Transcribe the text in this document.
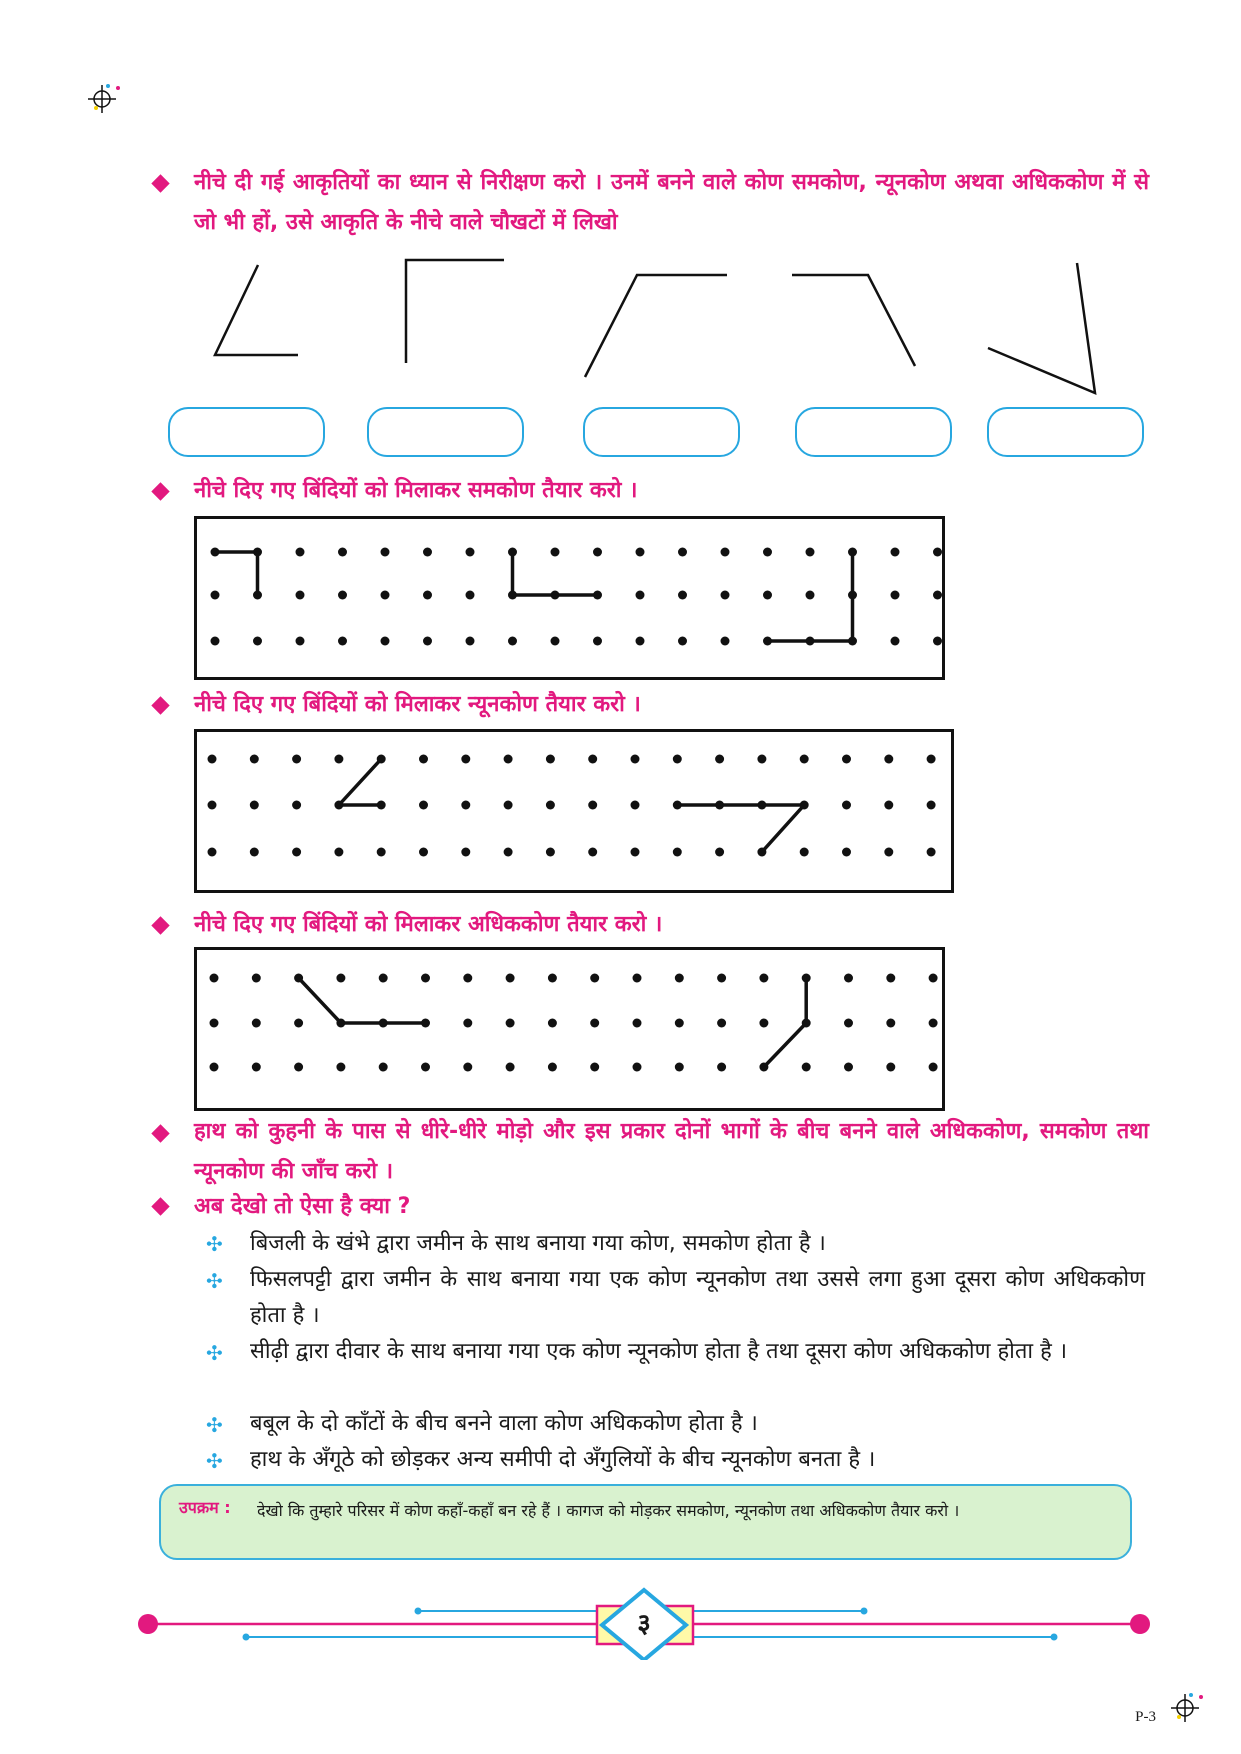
नीचे दी गई आकृतियों का ध्यान से निरीक्षण करो । उनमें बनने वाले कोण समकोण, न्यूनकोण अथवा अधिककोण में से जो भी हों, उसे आकृति के नीचे वाले चौखटों में लिखो
नीचे दिए गए बिंदियों को मिलाकर समकोण तैयार करो ।
नीचे दिए गए बिंदियों को मिलाकर न्यूनकोण तैयार करो ।
नीचे दिए गए बिंदियों को मिलाकर अधिककोण तैयार करो ।
हाथ को कुहनी के पास से धीरे-धीरे मोड़ो और इस प्रकार दोनों भागों के बीच बनने वाले अधिककोण, समकोण तथा न्यूनकोण की जाँच करो ।
अब देखो तो ऐसा है क्या ?
✣ बिजली के खंभे द्वारा जमीन के साथ बनाया गया कोण, समकोण होता है ।
✣ फिसलपट्टी द्वारा जमीन के साथ बनाया गया एक कोण न्यूनकोण तथा उससे लगा हुआ दूसरा कोण अधिककोण होता है ।
✣ सीढ़ी द्वारा दीवार के साथ बनाया गया एक कोण न्यूनकोण होता है तथा दूसरा कोण अधिककोण होता है ।
✣ बबूल के दो काँटों के बीच बनने वाला कोण अधिककोण होता है ।
✣ हाथ के अँगूठे को छोड़कर अन्य समीपी दो अँगुलियों के बीच न्यूनकोण बनता है ।
उपक्रम : देखो कि तुम्हारे परिसर में कोण कहाँ-कहाँ बन रहे हैं । कागज को मोड़कर समकोण, न्यूनकोण तथा अधिककोण तैयार करो ।
३
P-3
